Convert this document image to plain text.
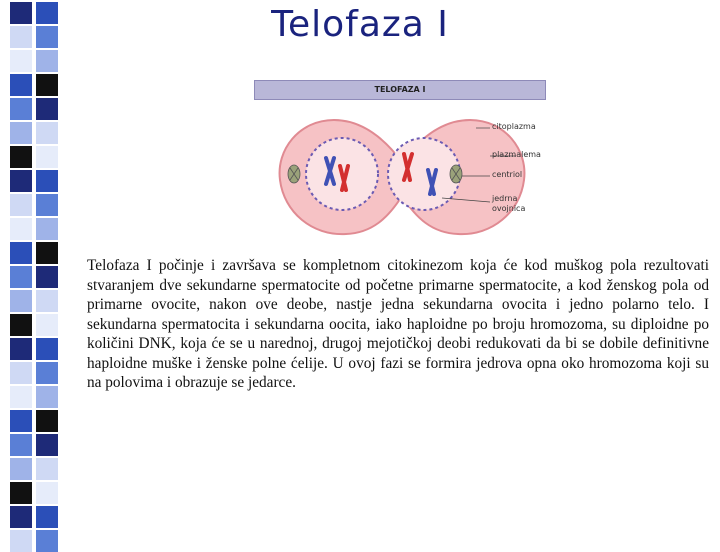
Telofaza I
TELOFAZA I
citoplazma
plazmalema
centriol
jedrna
ovojnica

Telofaza I počinje i završava se kompletnom citokinezom koja će kod muškog pola rezultovati stvaranjem dve sekundarne spermatocite od početne primarne spermatocite, a kod ženskog pola od primarne ovocite, nakon ove deobe, nastje jedna sekundarna ovocita i jedno polarno telo. I sekundarna spermatocita i sekundarna oocita, iako haploidne po broju hromozoma, su diploidne po količini DNK, koja će se u narednoj, drugoj mejotičkoj deobi redukovati da bi se dobile definitivne haploidne muške i ženske polne ćelije. U ovoj fazi se formira jedrova opna oko hromozoma koji su na polovima i obrazuje se jedarce.
